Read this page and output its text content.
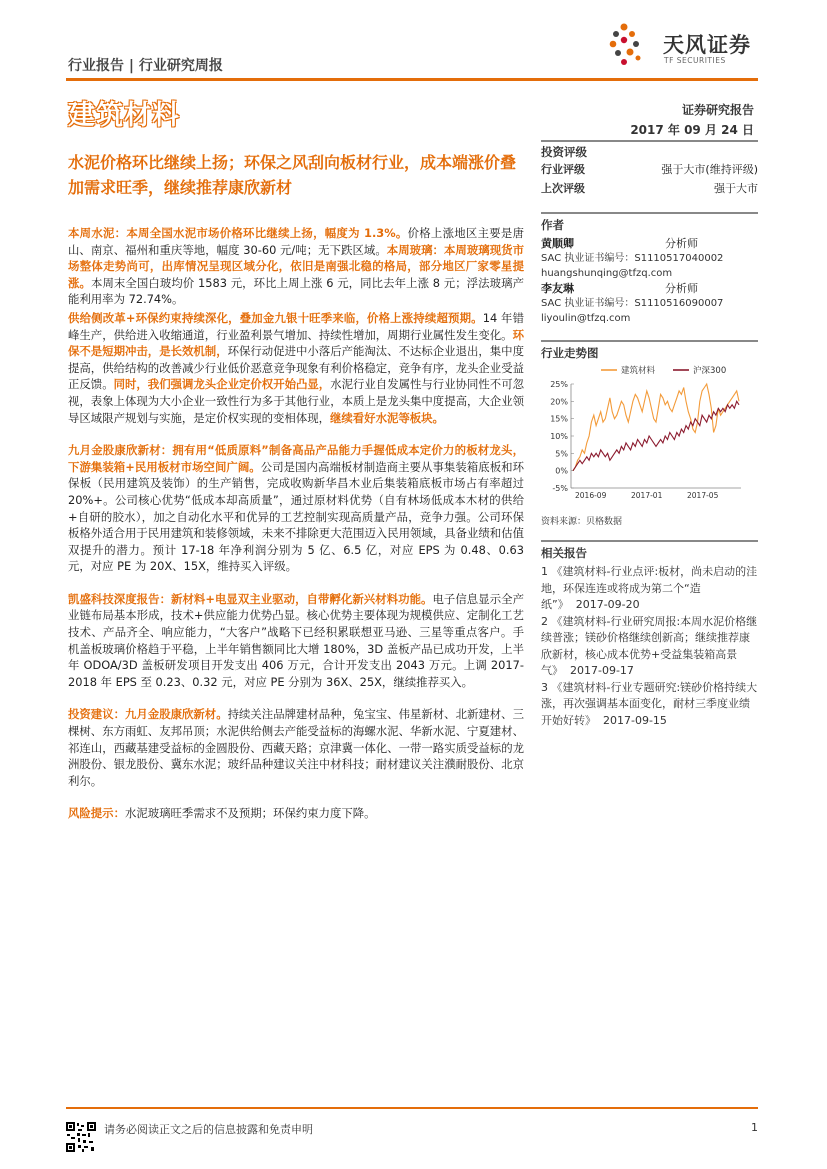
行业报告 | 行业研究周报
天风证券
TF SECURITIES
建筑材料	证券研究报告
2017 年 09 月 24 日
水泥价格环比继续上扬；环保之风刮向板材行业，成本端涨价叠加需求旺季，继续推荐康欣新材

本周水泥：本周全国水泥市场价格环比继续上扬，幅度为 1.3%。价格上涨地区主要是唐山、南京、福州和重庆等地，幅度 30-60 元/吨；无下跌区域。本周玻璃：本周玻璃现货市场整体走势尚可，出库情况呈现区域分化，依旧是南强北稳的格局，部分地区厂家零星提涨。本周末全国白玻均价 1583 元，环比上周上涨 6 元，同比去年上涨 8 元；浮法玻璃产能利用率为 72.74%。

供给侧改革+环保约束持续深化，叠加金九银十旺季来临，价格上涨持续超预期。14 年错峰生产，供给进入收缩通道，行业盈利景气增加、持续性增加，周期行业属性发生变化。环保不是短期冲击，是长效机制，环保行动促进中小落后产能淘汰、不达标企业退出，集中度提高，供给结构的改善减少行业低价恶意竞争现象有利价格稳定，竞争有序，龙头企业受益正反馈。同时，我们强调龙头企业定价权开始凸显，水泥行业自发属性与行业协同性不可忽视，表象上体现为大小企业一致性行为多于其他行业，本质上是龙头集中度提高，大企业领导区域限产规划与实施，是定价权实现的变相体现，继续看好水泥等板块。

九月金股康欣新材：拥有用“低质原料”制备高品产品能力手握低成本定价力的板材龙头，下游集装箱+民用板材市场空间广阔。公司是国内高端板材制造商主要从事集装箱底板和环保板（民用建筑及装饰）的生产销售，完成收购新华昌木业后集装箱底板市场占有率超过 20%+。公司核心优势“低成本却高质量”，通过原材料优势（自有林场低成本木材的供给+自研的胶水），加之自动化水平和优异的工艺控制实现高质量产品，竞争力强。公司环保板格外适合用于民用建筑和装修领域，未来不排除更大范围迈入民用领域，具备业绩和估值双提升的潜力。预计 17-18 年净利润分别为 5 亿、6.5 亿，对应 EPS 为 0.48、0.63 元，对应 PE 为 20X、15X，维持买入评级。

凯盛科技深度报告：新材料+电显双主业驱动，自带孵化新兴材料功能。电子信息显示全产业链布局基本形成，技术+供应能力优势凸显。核心优势主要体现为规模供应、定制化工艺技术、产品齐全、响应能力，“大客户”战略下已经积累联想亚马逊、三星等重点客户。手机盖板玻璃价格趋于平稳，上半年销售额同比大增 180%，3D 盖板产品已成功开发，上半年 ODOA/3D 盖板研发项目开发支出 406 万元，合计开发支出 2043 万元。上调 2017-2018 年 EPS 至 0.23、0.32 元，对应 PE 分别为 36X、25X，继续推荐买入。

投资建议：九月金股康欣新材。持续关注品牌建材品种，兔宝宝、伟星新材、北新建材、三棵树、东方雨虹、友邦吊顶；水泥供给侧去产能受益标的海螺水泥、华新水泥、宁夏建材、祁连山，西藏基建受益标的金圆股份、西藏天路；京津冀一体化、一带一路实质受益标的龙洲股份、银龙股份、冀东水泥；玻纤品种建议关注中材科技；耐材建议关注濮耐股份、北京利尔。

风险提示：水泥玻璃旺季需求不及预期；环保约束力度下降。

投资评级
行业评级	强于大市(维持评级)
上次评级	强于大市
作者
黄顺卿	分析师
SAC 执业证书编号：S1110517040002
huangshunqing@tfzq.com
李友琳	分析师
SAC 执业证书编号：S1110516090007
liyoulin@tfzq.com
行业走势图
-5%
0%
5%
10%
15%
20%
25%
2016-09	2017-01	2017-05
建筑材料	沪深300
资料来源：贝格数据
相关报告
1 《建筑材料-行业点评:板材，尚未启动的洼地，环保连连或将成为第二个“造纸”》 2017-09-20
2 《建筑材料-行业研究周报:本周水泥价格继续普涨；镁砂价格继续创新高；继续推荐康欣新材，核心成本优势+受益集装箱高景气》 2017-09-17
3 《建筑材料-行业专题研究:镁砂价格持续大涨，再次强调基本面变化，耐材三季度业绩开始好转》 2017-09-15
请务必阅读正文之后的信息披露和免责申明	1
